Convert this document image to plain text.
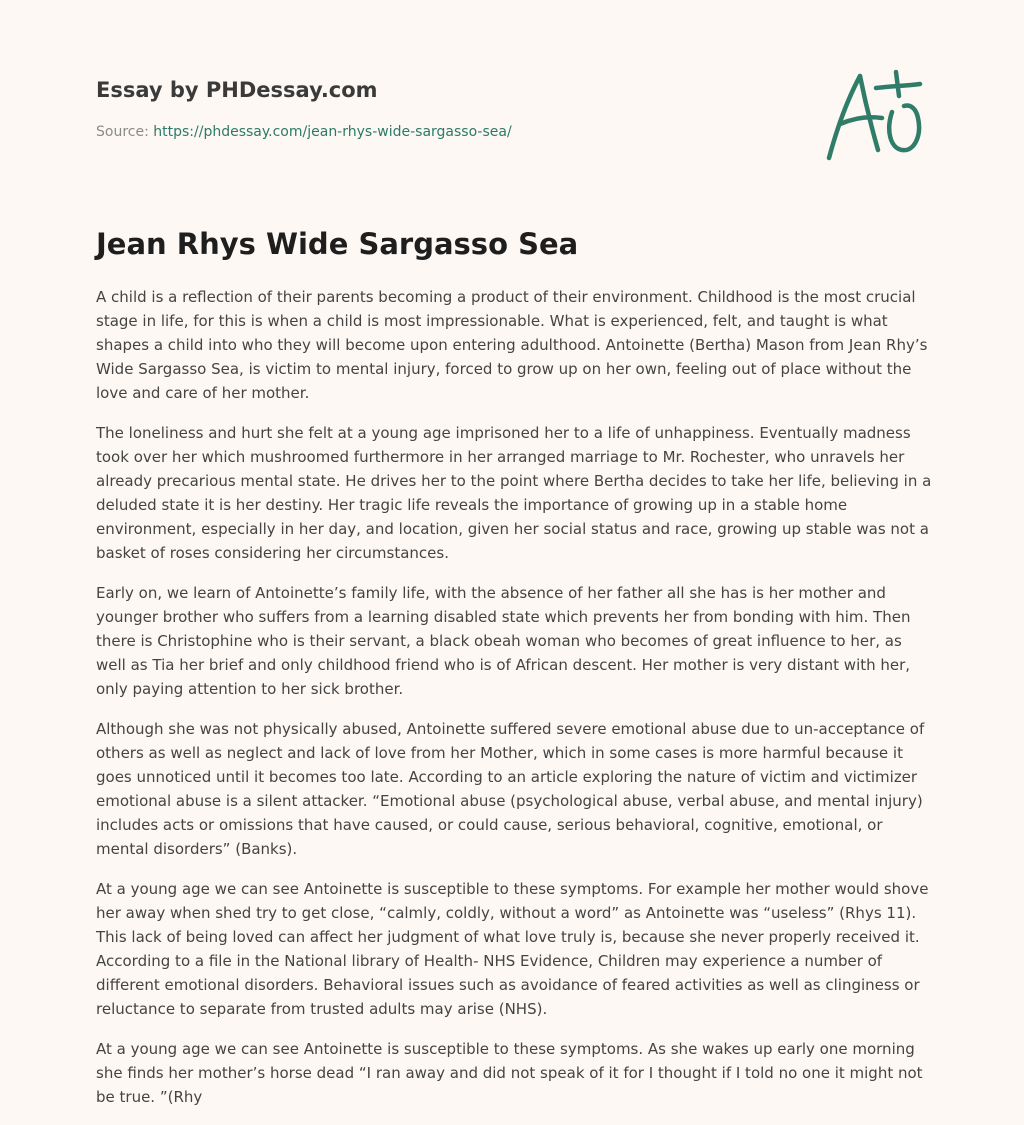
Essay by PHDessay.com
Source: https://phdessay.com/jean-rhys-wide-sargasso-sea/
Jean Rhys Wide Sargasso Sea

A child is a reflection of their parents becoming a product of their environment. Childhood is the most crucial stage in life, for this is when a child is most impressionable. What is experienced, felt, and taught is what shapes a child into who they will become upon entering adulthood. Antoinette (Bertha) Mason from Jean Rhy’s Wide Sargasso Sea, is victim to mental injury, forced to grow up on her own, feeling out of place without the love and care of her mother.

The loneliness and hurt she felt at a young age imprisoned her to a life of unhappiness. Eventually madness took over her which mushroomed furthermore in her arranged marriage to Mr. Rochester, who unravels her already precarious mental state. He drives her to the point where Bertha decides to take her life, believing in a deluded state it is her destiny. Her tragic life reveals the importance of growing up in a stable home environment, especially in her day, and location, given her social status and race, growing up stable was not a basket of roses considering her circumstances.

Early on, we learn of Antoinette’s family life, with the absence of her father all she has is her mother and younger brother who suffers from a learning disabled state which prevents her from bonding with him. Then there is Christophine who is their servant, a black obeah woman who becomes of great influence to her, as well as Tia her brief and only childhood friend who is of African descent. Her mother is very distant with her, only paying attention to her sick brother.

Although she was not physically abused, Antoinette suffered severe emotional abuse due to un-acceptance of others as well as neglect and lack of love from her Mother, which in some cases is more harmful because it goes unnoticed until it becomes too late. According to an article exploring the nature of victim and victimizer emotional abuse is a silent attacker. “Emotional abuse (psychological abuse, verbal abuse, and mental injury) includes acts or omissions that have caused, or could cause, serious behavioral, cognitive, emotional, or mental disorders” (Banks).

At a young age we can see Antoinette is susceptible to these symptoms. For example her mother would shove her away when shed try to get close, “calmly, coldly, without a word” as Antoinette was “useless” (Rhys 11). This lack of being loved can affect her judgment of what love truly is, because she never properly received it. According to a file in the National library of Health- NHS Evidence, Children may experience a number of different emotional disorders. Behavioral issues such as avoidance of feared activities as well as clinginess or reluctance to separate from trusted adults may arise (NHS).

At a young age we can see Antoinette is susceptible to these symptoms. As she wakes up early one morning she finds her mother’s horse dead “I ran away and did not speak of it for I thought if I told no one it might not be true. ”(Rhy
